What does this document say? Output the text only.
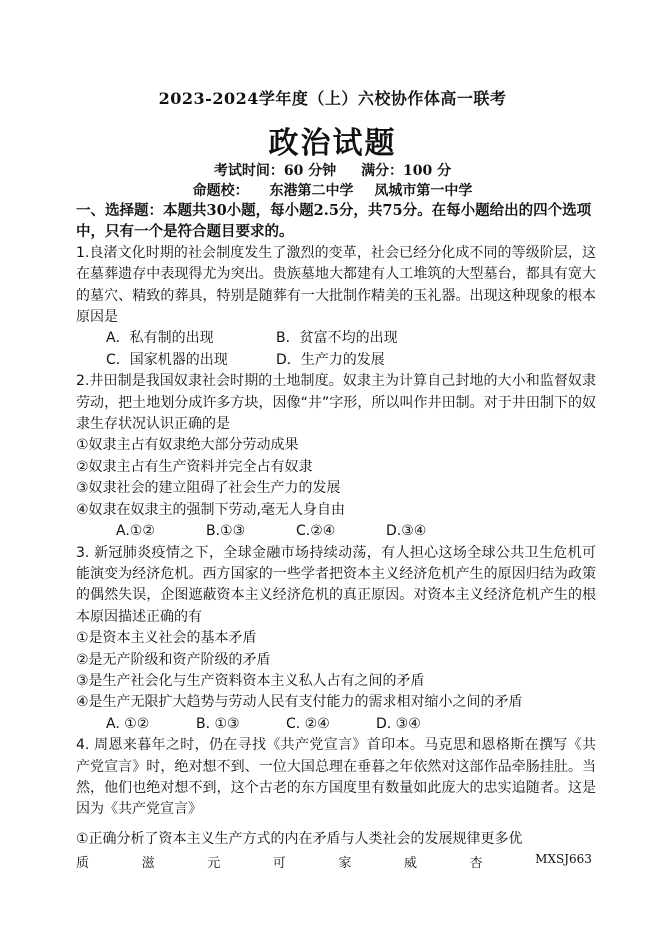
2023-2024学年度（上）六校协作体高一联考
政治试题
考试时间：60 分钟 满分：100 分
命题校： 东港第二中学 凤城市第一中学
一、选择题：本题共30小题，每小题2.5分，共75分。在每小题给出的四个选项中，只有一个是符合题目要求的。
1.良渚文化时期的社会制度发生了激烈的变革，社会已经分化成不同的等级阶层，这在墓葬遗存中表现得尤为突出。贵族墓地大都建有人工堆筑的大型墓台，都具有宽大的墓穴、精致的葬具，特别是随葬有一大批制作精美的玉礼器。出现这种现象的根本原因是
A．私有制的出现	B．贫富不均的出现
C．国家机器的出现	D．生产力的发展
2.井田制是我国奴隶社会时期的土地制度。奴隶主为计算自己封地的大小和监督奴隶劳动，把土地划分成许多方块，因像“井”字形，所以叫作井田制。对于井田制下的奴隶生存状况认识正确的是
①奴隶主占有奴隶绝大部分劳动成果
②奴隶主占有生产资料并完全占有奴隶
③奴隶社会的建立阻碍了社会生产力的发展
④奴隶在奴隶主的强制下劳动,毫无人身自由
A.①②	B.①③	C.②④	D.③④
3. 新冠肺炎疫情之下，全球金融市场持续动荡，有人担心这场全球公共卫生危机可能演变为经济危机。西方国家的一些学者把资本主义经济危机产生的原因归结为政策的偶然失误，企图遮蔽资本主义经济危机的真正原因。对资本主义经济危机产生的根本原因描述正确的有
①是资本主义社会的基本矛盾
②是无产阶级和资产阶级的矛盾
③是生产社会化与生产资料资本主义私人占有之间的矛盾
④是生产无限扩大趋势与劳动人民有支付能力的需求相对缩小之间的矛盾
A. ①②	B. ①③	C. ②④	D. ③④
4. 周恩来暮年之时，仍在寻找《共产党宣言》首印本。马克思和恩格斯在撰写《共产党宣言》时，绝对想不到、一位大国总理在垂暮之年依然对这部作品牵肠挂肚。当然，他们也绝对想不到，这个古老的东方国度里有数量如此庞大的忠实追随者。这是因为《共产党宣言》
①正确分析了资本主义生产方式的内在矛盾与人类社会的发展规律更多优
质	滋	元	可	家	威	杏	MXSJ663
